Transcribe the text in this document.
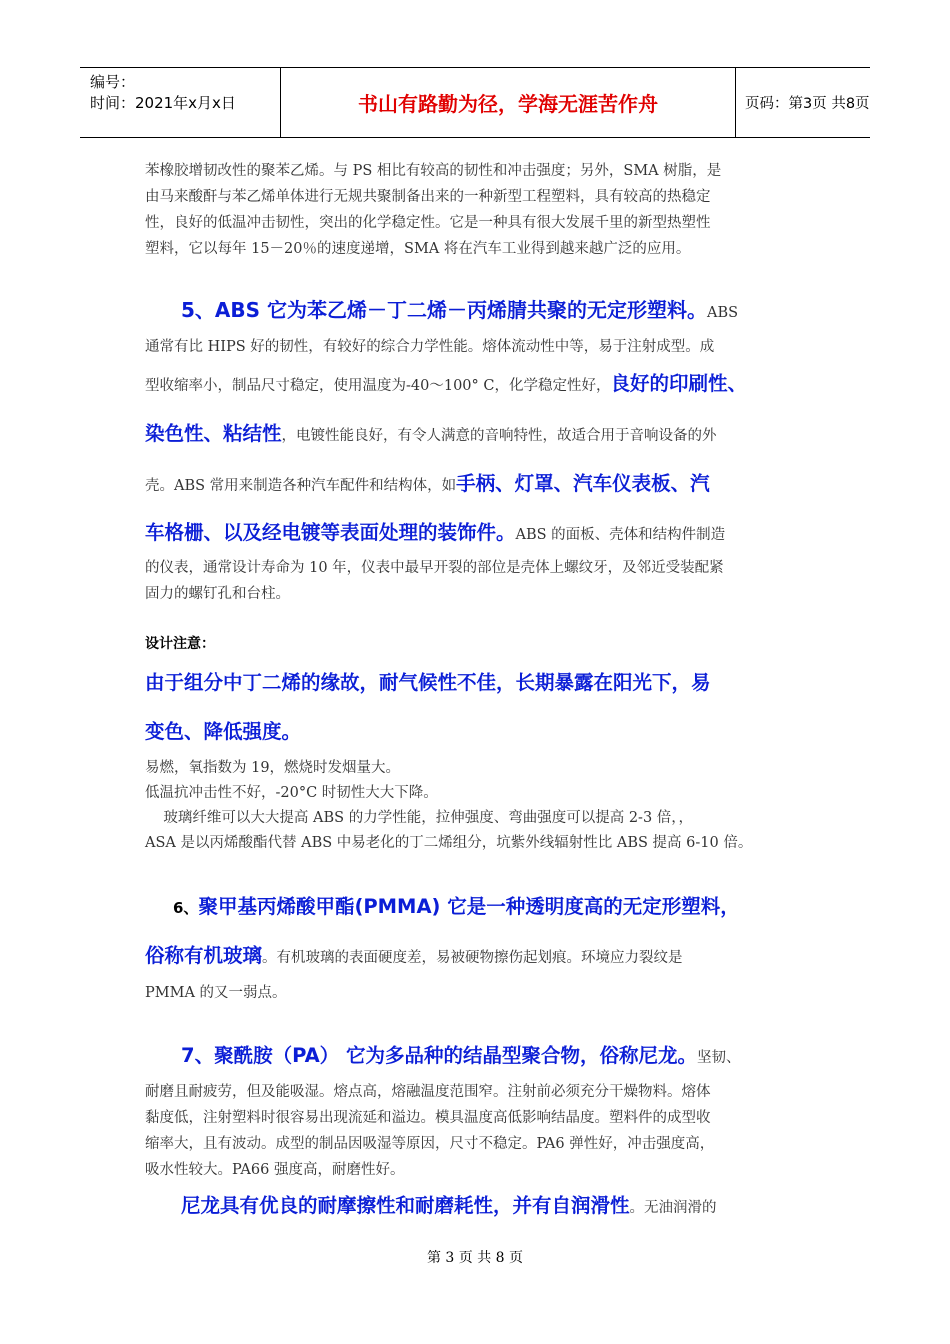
编号：
时间：2021年x月x日	书山有路勤为径，学海无涯苦作舟	页码：第3页 共8页
苯橡胶增韧改性的聚苯乙烯。与 PS 相比有较高的韧性和冲击强度；另外，SMA 树脂，是
由马来酸酐与苯乙烯单体进行无规共聚制备出来的一种新型工程塑料，具有较高的热稳定
性，良好的低温冲击韧性，突出的化学稳定性。它是一种具有很大发展千里的新型热塑性
塑料，它以每年 15－20％的速度递增，SMA 将在汽车工业得到越来越广泛的应用。
5、ABS 它为苯乙烯－丁二烯－丙烯腈共聚的无定形塑料。ABS
通常有比 HIPS 好的韧性，有较好的综合力学性能。熔体流动性中等，易于注射成型。成
型收缩率小，制品尺寸稳定，使用温度为-40～100° C，化学稳定性好，良好的印刷性、
染色性、粘结性，电镀性能良好，有令人满意的音响特性，故适合用于音响设备的外
壳。ABS 常用来制造各种汽车配件和结构体，如手柄、灯罩、汽车仪表板、汽
车格栅、以及经电镀等表面处理的装饰件。ABS 的面板、壳体和结构件制造
的仪表，通常设计寿命为 10 年，仪表中最早开裂的部位是壳体上螺纹牙，及邻近受装配紧
固力的螺钉孔和台柱。
设计注意：
由于组分中丁二烯的缘故，耐气候性不佳，长期暴露在阳光下，易
变色、降低强度。
易燃，氧指数为 19，燃烧时发烟量大。
低温抗冲击性不好，-20°C 时韧性大大下降。
玻璃纤维可以大大提高 ABS 的力学性能，拉伸强度、弯曲强度可以提高 2-3 倍，，
ASA 是以丙烯酸酯代替 ABS 中易老化的丁二烯组分，坑紫外线辐射性比 ABS 提高 6-10 倍。
6、聚甲基丙烯酸甲酯(PMMA) 它是一种透明度高的无定形塑料，
俗称有机玻璃。有机玻璃的表面硬度差，易被硬物擦伤起划痕。环境应力裂纹是
PMMA 的又一弱点。
7、聚酰胺（PA） 它为多品种的结晶型聚合物，俗称尼龙。坚韧、
耐磨且耐疲劳，但及能吸湿。熔点高，熔融温度范围窄。注射前必须充分干燥物料。熔体
黏度低，注射塑料时很容易出现流延和溢边。模具温度高低影响结晶度。塑料件的成型收
缩率大，且有波动。成型的制品因吸湿等原因，尺寸不稳定。PA6 弹性好，冲击强度高，
吸水性较大。PA66 强度高，耐磨性好。
尼龙具有优良的耐摩擦性和耐磨耗性，并有自润滑性。无油润滑的
第 3 页 共 8 页
